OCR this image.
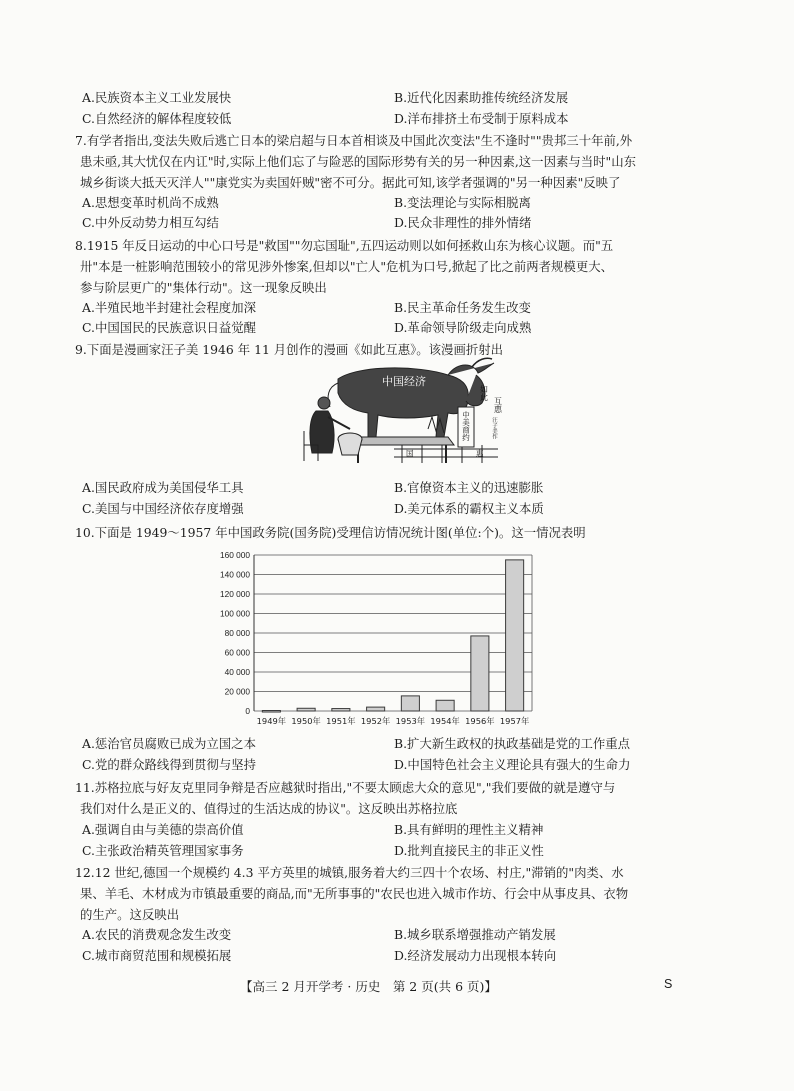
A.民族资本主义工业发展快	B.近代化因素助推传统经济发展
C.自然经济的解体程度较低	D.洋布排挤土布受制于原料成本
7.有学者指出,变法失败后逃亡日本的梁启超与日本首相谈及中国此次变法"生不逢时""贵邦三十年前,外
患未亟,其大忧仅在内讧"时,实际上他们忘了与险恶的国际形势有关的另一种因素,这一因素与当时"山东
城乡街谈大抵天灭洋人""康党实为卖国奸贼"密不可分。据此可知,该学者强调的"另一种因素"反映了
A.思想变革时机尚不成熟	B.变法理论与实际相脱离
C.中外反动势力相互勾结	D.民众非理性的排外情绪
8.1915 年反日运动的中心口号是"救国""勿忘国耻",五四运动则以如何拯救山东为核心议题。而"五
卅"本是一桩影响范围较小的常见涉外惨案,但却以"亡人"危机为口号,掀起了比之前两者规模更大、
参与阶层更广的"集体行动"。这一现象反映出
A.半殖民地半封建社会程度加深	B.民主革命任务发生改变
C.中国国民的民族意识日益觉醒	D.革命领导阶级走向成熟
9.下面是漫画家汪子美 1946 年 11 月创作的漫画《如此互惠》。该漫画折射出
中国经济
如此
互惠
中美商约	汪子美作
国	惠
A.国民政府成为美国侵华工具	B.官僚资本主义的迅速膨胀
C.美国与中国经济依存度增强	D.美元体系的霸权主义本质
10.下面是 1949～1957 年中国政务院(国务院)受理信访情况统计图(单位:个)。这一情况表明
0
20 000
40 000
60 000
80 000
100 000
120 000
140 000
160 000
1949年 1950年 1951年 1952年 1953年 1954年 1956年 1957年
A.惩治官员腐败已成为立国之本	B.扩大新生政权的执政基础是党的工作重点
C.党的群众路线得到贯彻与坚持	D.中国特色社会主义理论具有强大的生命力
11.苏格拉底与好友克里同争辩是否应越狱时指出,"不要太顾虑大众的意见","我们要做的就是遵守与
我们对什么是正义的、值得过的生活达成的协议"。这反映出苏格拉底
A.强调自由与美德的崇高价值	B.具有鲜明的理性主义精神
C.主张政治精英管理国家事务	D.批判直接民主的非正义性
12.12 世纪,德国一个规模约 4.3 平方英里的城镇,服务着大约三四十个农场、村庄,"滞销的"肉类、水
果、羊毛、木材成为市镇最重要的商品,而"无所事事的"农民也进入城市作坊、行会中从事皮具、衣物
的生产。这反映出
A.农民的消费观念发生改变	B.城乡联系增强推动产销发展
C.城市商贸范围和规模拓展	D.经济发展动力出现根本转向
【高三 2 月开学考 · 历史　第 2 页(共 6 页)】	S
